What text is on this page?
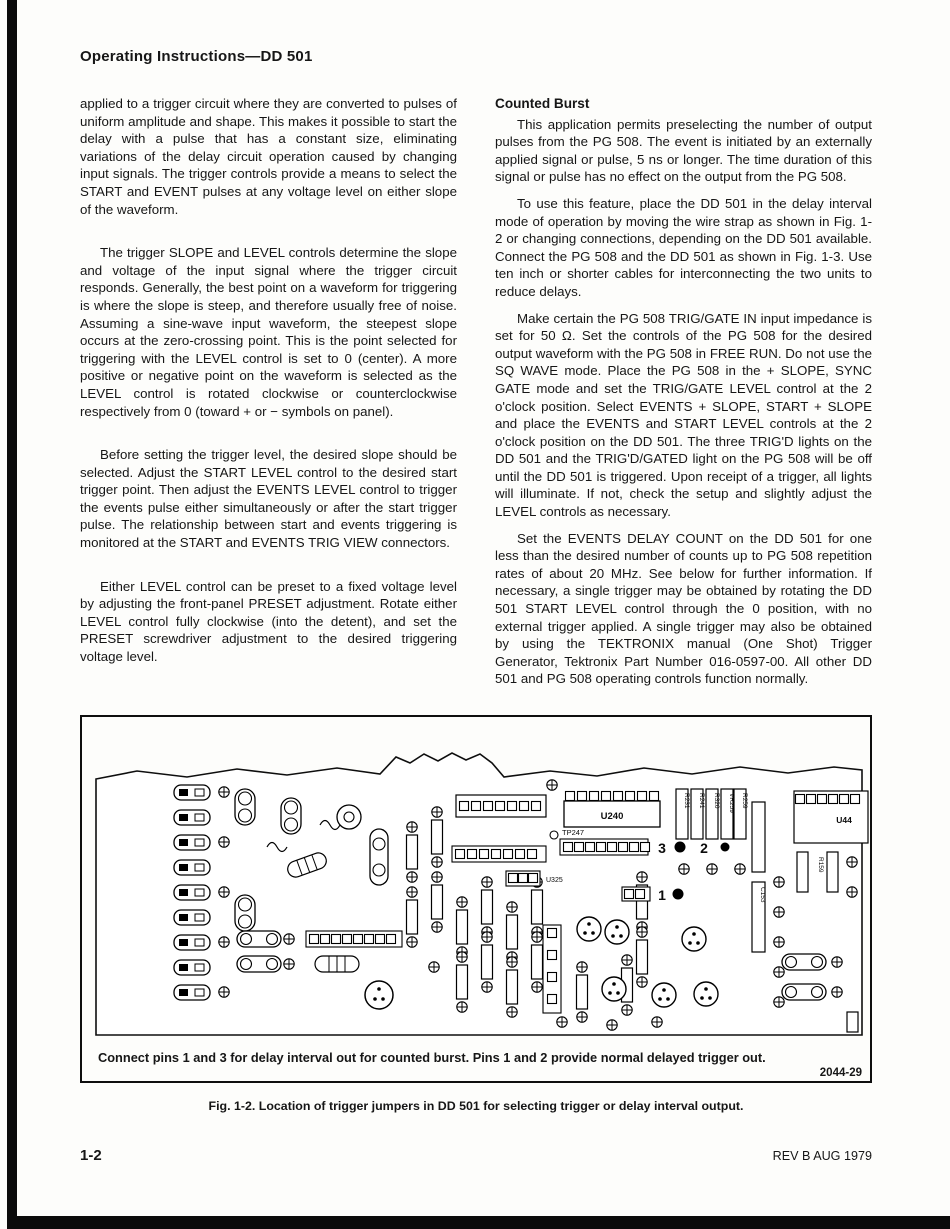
Operating Instructions—DD 501

applied to a trigger circuit where they are converted to pulses of uniform amplitude and shape. This makes it possible to start the delay with a pulse that has a constant size, eliminating variations of the delay circuit operation caused by changing input signals. The trigger controls provide a means to select the START and EVENT pulses at any voltage level on either slope of the waveform.

The trigger SLOPE and LEVEL controls determine the slope and voltage of the input signal where the trigger circuit responds. Generally, the best point on a waveform for triggering is where the slope is steep, and therefore usually free of noise. Assuming a sine-wave input waveform, the steepest slope occurs at the zero-crossing point. This is the point selected for triggering with the LEVEL control is set to 0 (center). A more positive or negative point on the waveform is selected as the LEVEL control is rotated clockwise or counterclockwise respectively from 0 (toward + or − symbols on panel).

Before setting the trigger level, the desired slope should be selected. Adjust the START LEVEL control to the desired start trigger point. Then adjust the EVENTS LEVEL control to trigger the events pulse either simultaneously or after the start trigger pulse. The relationship between start and events triggering is monitored at the START and EVENTS TRIG VIEW connectors.

Either LEVEL control can be preset to a fixed voltage level by adjusting the front-panel PRESET adjustment. Rotate either LEVEL control fully clockwise (into the detent), and set the PRESET screwdriver adjustment to the desired triggering voltage level.

Counted Burst

This application permits preselecting the number of output pulses from the PG 508. The event is initiated by an externally applied signal or pulse, 5 ns or longer. The time duration of this signal or pulse has no effect on the output from the PG 508.

To use this feature, place the DD 501 in the delay interval mode of operation by moving the wire strap as shown in Fig. 1-2 or changing connections, depending on the DD 501 available. Connect the PG 508 and the DD 501 as shown in Fig. 1-3. Use ten inch or shorter cables for interconnecting the two units to reduce delays.

Make certain the PG 508 TRIG/GATE IN input impedance is set for 50 Ω. Set the controls of the PG 508 for the desired output waveform with the PG 508 in FREE RUN. Do not use the SQ WAVE mode. Place the PG 508 in the + SLOPE, SYNC GATE mode and set the TRIG/GATE LEVEL control at the 2 o'clock position. Select EVENTS + SLOPE, START + SLOPE and place the EVENTS and START LEVEL controls at the 2 o'clock position on the DD 501. The three TRIG'D lights on the DD 501 and the TRIG'D/GATED light on the PG 508 will be off until the DD 501 is triggered. Upon receipt of a trigger, all lights will illuminate. If not, check the setup and slightly adjust the LEVEL controls as necessary.

Set the EVENTS DELAY COUNT on the DD 501 for one less than the desired number of counts up to PG 508 repetition rates of about 20 MHz. See below for further information. If necessary, a single trigger may be obtained by rotating the DD 501 START LEVEL control through the 0 position, with no external trigger applied. A single trigger may also be obtained by using the TEKTRONIX manual (One Shot) Trigger Generator, Tektronix Part Number 016-0597-00. All other DD 501 and PG 508 operating controls function normally.

U240
TP247
U325
U44
3 2
1
R231 R241 R320 VR259 R259
C153
R159
Connect pins 1 and 3 for delay interval out for counted burst. Pins 1 and 2 provide normal delayed trigger out.
2044-29
Fig. 1-2. Location of trigger jumpers in DD 501 for selecting trigger or delay interval output.
1-2	REV B AUG 1979
